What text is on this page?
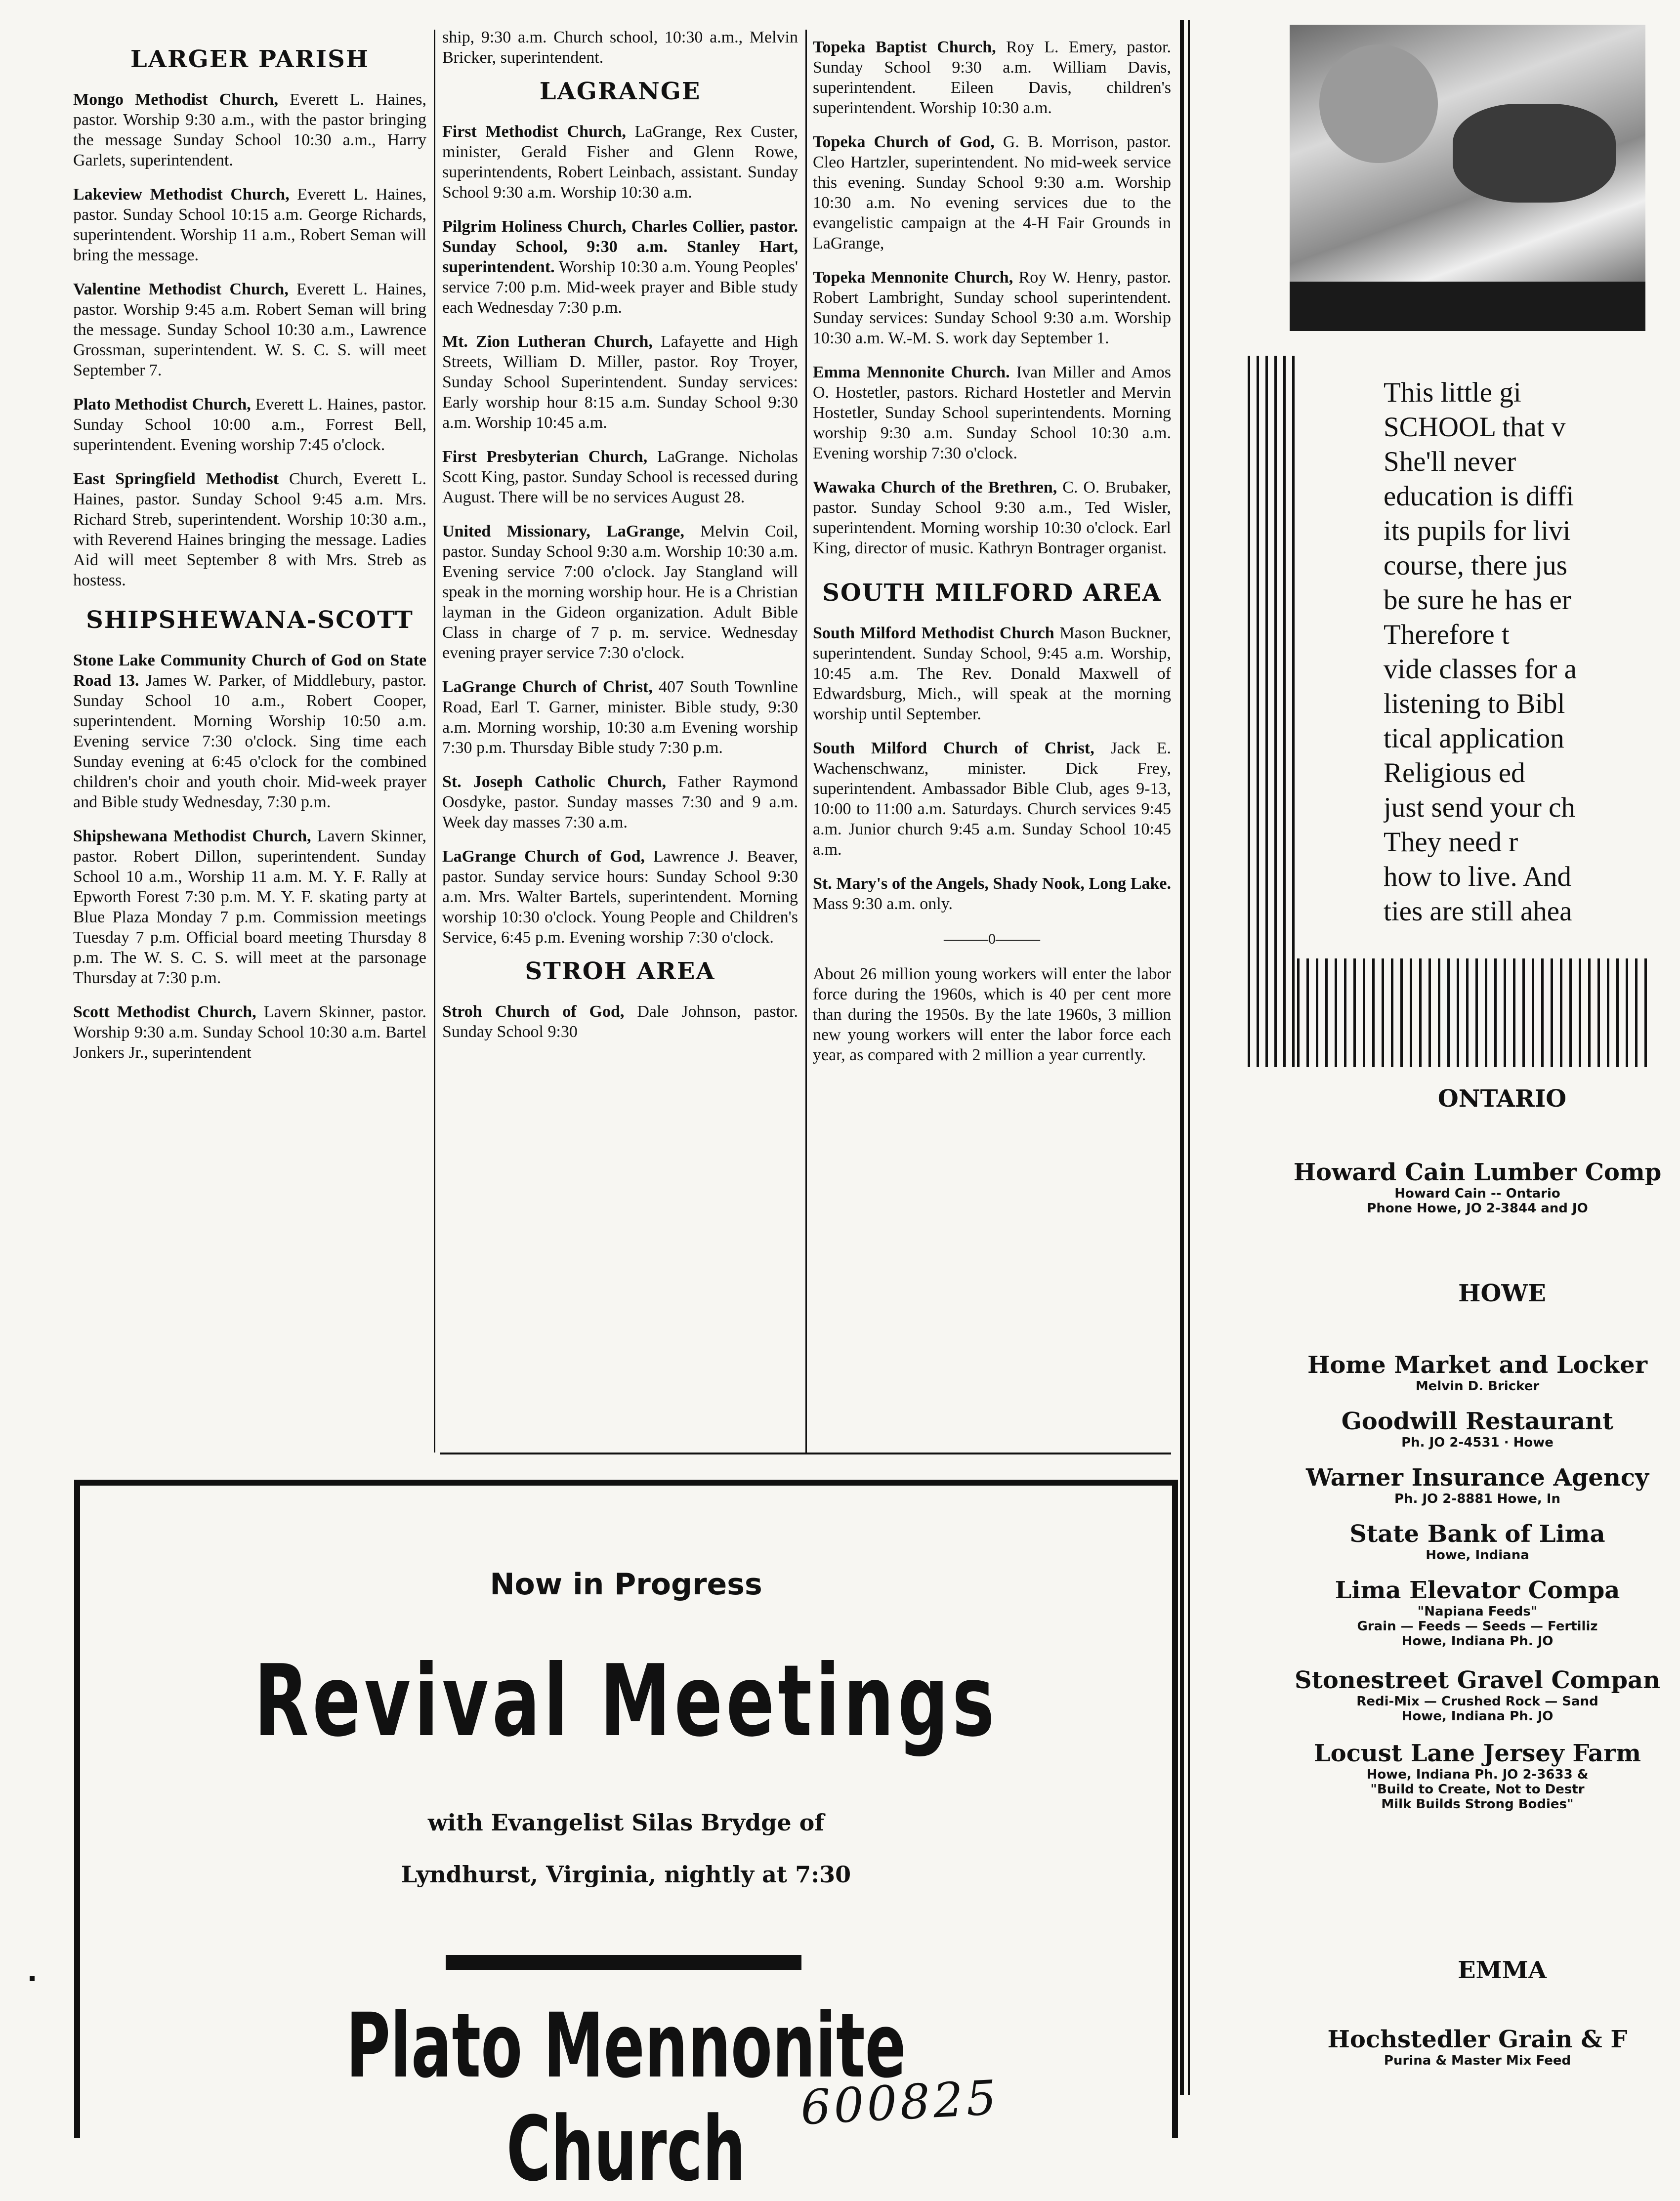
LARGER PARISH
Mongo Methodist Church, Everett L. Haines, pastor. Worship 9:30 a.m., with the pastor bringing the message Sunday School 10:30 a.m., Harry Garlets, superintendent.
Lakeview Methodist Church, Everett L. Haines, pastor. Sunday School 10:15 a.m. George Richards, superintendent. Worship 11 a.m., Robert Seman will bring the message.
Valentine Methodist Church, Everett L. Haines, pastor. Worship 9:45 a.m. Robert Seman will bring the message. Sunday School 10:30 a.m., Lawrence Grossman, superintendent. W. S. C. S. will meet September 7.
Plato Methodist Church, Everett L. Haines, pastor. Sunday School 10:00 a.m., Forrest Bell, superintendent. Evening worship 7:45 o'clock.
East Springfield Methodist Church, Everett L. Haines, pastor. Sunday School 9:45 a.m. Mrs. Richard Streb, superintendent. Worship 10:30 a.m., with Reverend Haines bringing the message. Ladies Aid will meet September 8 with Mrs. Streb as hostess.
SHIPSHEWANA-SCOTT
Stone Lake Community Church of God on State Road 13. James W. Parker, of Middlebury, pastor. Sunday School 10 a.m., Robert Cooper, superintendent. Morning Worship 10:50 a.m. Evening service 7:30 o'clock. Sing time each Sunday evening at 6:45 o'clock for the combined children's choir and youth choir. Mid-week prayer and Bible study Wednesday, 7:30 p.m.
Shipshewana Methodist Church, Lavern Skinner, pastor. Robert Dillon, superintendent. Sunday School 10 a.m., Worship 11 a.m. M. Y. F. Rally at Epworth Forest 7:30 p.m. M. Y. F. skating party at Blue Plaza Monday 7 p.m. Commission meetings Tuesday 7 p.m. Official board meeting Thursday 8 p.m. The W. S. C. S. will meet at the parsonage Thursday at 7:30 p.m.
Scott Methodist Church, Lavern Skinner, pastor. Worship 9:30 a.m. Sunday School 10:30 a.m. Bartel Jonkers Jr., superintendent
ship, 9:30 a.m. Church school, 10:30 a.m., Melvin Bricker, superintendent.
LAGRANGE
First Methodist Church, LaGrange, Rex Custer, minister, Gerald Fisher and Glenn Rowe, superintendents, Robert Leinbach, assistant. Sunday School 9:30 a.m. Worship 10:30 a.m.
Pilgrim Holiness Church, Charles Collier, pastor. Sunday School, 9:30 a.m. Stanley Hart, superintendent. Worship 10:30 a.m. Young Peoples' service 7:00 p.m. Mid-week prayer and Bible study each Wednesday 7:30 p.m.
Mt. Zion Lutheran Church, Lafayette and High Streets, William D. Miller, pastor. Roy Troyer, Sunday School Superintendent. Sunday services: Early worship hour 8:15 a.m. Sunday School 9:30 a.m. Worship 10:45 a.m.
First Presbyterian Church, LaGrange. Nicholas Scott King, pastor. Sunday School is recessed during August. There will be no services August 28.
United Missionary, LaGrange, Melvin Coil, pastor. Sunday School 9:30 a.m. Worship 10:30 a.m. Evening service 7:00 o'clock. Jay Stangland will speak in the morning worship hour. He is a Christian layman in the Gideon organization. Adult Bible Class in charge of 7 p. m. service. Wednesday evening prayer service 7:30 o'clock.
LaGrange Church of Christ, 407 South Townline Road, Earl T. Garner, minister. Bible study, 9:30 a.m. Morning worship, 10:30 a.m Evening worship 7:30 p.m. Thursday Bible study 7:30 p.m.
St. Joseph Catholic Church, Father Raymond Oosdyke, pastor. Sunday masses 7:30 and 9 a.m. Week day masses 7:30 a.m.
LaGrange Church of God, Lawrence J. Beaver, pastor. Sunday service hours: Sunday School 9:30 a.m. Mrs. Walter Bartels, superintendent. Morning worship 10:30 o'clock. Young People and Children's Service, 6:45 p.m. Evening worship 7:30 o'clock.
STROH AREA
Stroh Church of God, Dale Johnson, pastor. Sunday School 9:30
Topeka Baptist Church, Roy L. Emery, pastor. Sunday School 9:30 a.m. William Davis, superintendent. Eileen Davis, children's superintendent. Worship 10:30 a.m.
Topeka Church of God, G. B. Morrison, pastor. Cleo Hartzler, superintendent. No mid-week service this evening. Sunday School 9:30 a.m. Worship 10:30 a.m. No evening services due to the evangelistic campaign at the 4-H Fair Grounds in LaGrange,
Topeka Mennonite Church, Roy W. Henry, pastor. Robert Lambright, Sunday school superintendent. Sunday services: Sunday School 9:30 a.m. Worship 10:30 a.m. W.-M. S. work day September 1.
Emma Mennonite Church. Ivan Miller and Amos O. Hostetler, pastors. Richard Hostetler and Mervin Hostetler, Sunday School superintendents. Morning worship 9:30 a.m. Sunday School 10:30 a.m. Evening worship 7:30 o'clock.
Wawaka Church of the Brethren, C. O. Brubaker, pastor. Sunday School 9:30 a.m., Ted Wisler, superintendent. Morning worship 10:30 o'clock. Earl King, director of music. Kathryn Bontrager organist.
SOUTH MILFORD AREA
South Milford Methodist Church Mason Buckner, superintendent. Sunday School, 9:45 a.m. Worship, 10:45 a.m. The Rev. Donald Maxwell of Edwardsburg, Mich., will speak at the morning worship until September.
South Milford Church of Christ, Jack E. Wachenschwanz, minister. Dick Frey, superintendent. Ambassador Bible Club, ages 9-13, 10:00 to 11:00 a.m. Saturdays. Church services 9:45 a.m. Junior church 9:45 a.m. Sunday School 10:45 a.m.
St. Mary's of the Angels, Shady Nook, Long Lake. Mass 9:30 a.m. only.
———0———
About 26 million young workers will enter the labor force during the 1960s, which is 40 per cent more than during the 1950s. By the late 1960s, 3 million new young workers will enter the labor force each year, as compared with 2 million a year currently.
This little gi
SCHOOL that v
She'll never
education is diffi
its pupils for livi
course, there jus
be sure he has er
Therefore t
vide classes for a
listening to Bibl
tical application
Religious ed
just send your ch
They need r
how to live. And
ties are still ahea
ONTARIO
Howard Cain Lumber Comp
Howard Cain -- Ontario
Phone Howe, JO 2-3844 and JO
HOWE
Home Market and Locker
Melvin D. Bricker
Goodwill Restaurant
Ph. JO 2-4531 · Howe
Warner Insurance Agency
Ph. JO 2-8881 Howe, In
State Bank of Lima
Howe, Indiana
Lima Elevator Compa
"Napiana Feeds"
Grain — Feeds — Seeds — Fertiliz
Howe, Indiana Ph. JO
Stonestreet Gravel Compan
Redi-Mix — Crushed Rock — Sand
Howe, Indiana Ph. JO
Locust Lane Jersey Farm
Howe, Indiana Ph. JO 2-3633 &
"Build to Create, Not to Destr
Milk Builds Strong Bodies"
EMMA
Hochstedler Grain & F
Purina & Master Mix Feed
Now in Progress
Revival Meetings
with Evangelist Silas Brydge of
Lyndhurst, Virginia, nightly at 7:30
Plato Mennonite Church	600825
